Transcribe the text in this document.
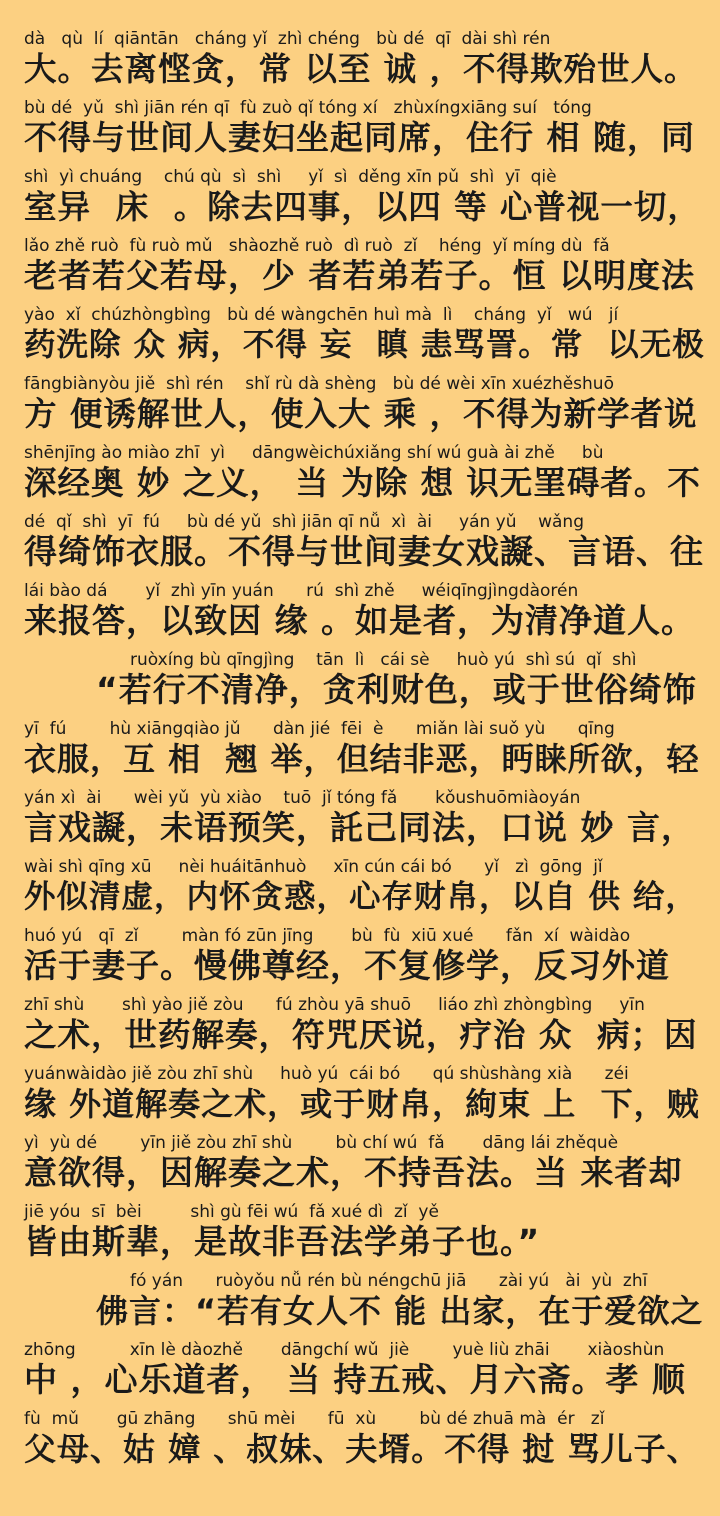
dà   qù  lí  qiāntān   cháng yǐ  zhì chéng   bù dé  qī  dài shì rén
大。去离悭贪，常 以至 诚 ，不得欺殆世人。
bù dé  yǔ  shì jiān rén qī  fù zuò qǐ tóng xí   zhùxíngxiāng suí   tóng
不得与世间人妻妇坐起同席，住行 相 随，同
shì  yì chuáng    chú qù  sì  shì     yǐ  sì  děng xīn pǔ  shì  yī  qiè
室异  床  。除去四事，以四 等 心普视一切，
lǎo zhě ruò  fù ruò mǔ   shàozhě ruò  dì ruò  zǐ    héng  yǐ míng dù  fǎ
老者若父若母，少 者若弟若子。恒 以明度法
yào  xǐ  chúzhòngbìng   bù dé wàngchēn huì mà  lì    cháng  yǐ   wú   jí
药洗除 众 病，不得 妄  瞋 恚骂詈。常  以无极
fāngbiànyòu jiě  shì rén    shǐ rù dà shèng   bù dé wèi xīn xuézhěshuō
方 便诱解世人，使入大 乘 ，不得为新学者说
shēnjīng ào miào zhī  yì     dāngwèichúxiǎng shí wú guà ài zhě     bù
深经奥 妙 之义， 当 为除 想 识无罣碍者。不
dé  qǐ  shì  yī  fú     bù dé yǔ  shì jiān qī nǚ  xì  ài     yán yǔ    wǎng
得绮饰衣服。不得与世间妻女戏譺、言语、往
lái bào dá       yǐ  zhì yīn yuán      rú  shì zhě     wéiqīngjìngdàorén
来报答，以致因 缘 。如是者，为清净道人。
ruòxíng bù qīngjìng    tān  lì   cái sè     huò yú  shì sú  qǐ  shì
“若行不清净，贪利财色，或于世俗绮饰
yī  fú        hù xiāngqiào jǔ      dàn jié  fēi  è      miǎn lài suǒ yù      qīng
衣服，互 相  翘 举，但结非恶，眄睐所欲，轻
yán xì  ài      wèi yǔ  yù xiào    tuō  jǐ tóng fǎ       kǒushuōmiàoyán
言戏譺，未语预笑，託己同法，口说 妙 言，
wài shì qīng xū     nèi huáitānhuò     xīn cún cái bó      yǐ   zì  gōng  jǐ
外似清虚，内怀贪惑，心存财帛，以自 供 给，
huó yú   qī  zǐ        màn fó zūn jīng       bù  fù  xiū xué      fǎn  xí  wàidào
活于妻子。慢佛尊经，不复修学，反习外道
zhī shù       shì yào jiě zòu      fú zhòu yā shuō     liáo zhì zhòngbìng     yīn
之术，世药解奏，符咒厌说，疗治 众  病；因
yuánwàidào jiě zòu zhī shù     huò yú  cái bó      qú shùshàng xià      zéi
缘 外道解奏之术，或于财帛，絇束 上  下，贼
yì  yù dé        yīn jiě zòu zhī shù        bù chí wú  fǎ       dāng lái zhěquè
意欲得，因解奏之术，不持吾法。当 来者却
jiē yóu  sī  bèi         shì gù fēi wú  fǎ xué dì  zǐ  yě
皆由斯辈，是故非吾法学弟子也。”
fó yán      ruòyǒu nǚ rén bù néngchū jiā      zài yú   ài  yù  zhī
佛言：“若有女人不 能 出家，在于爱欲之
zhōng          xīn lè dàozhě       dāngchí wǔ  jiè        yuè liù zhāi       xiàoshùn
中 ，心乐道者， 当 持五戒、月六斋。孝 顺
fù  mǔ       gū zhāng      shū mèi      fū  xù        bù dé zhuā mà  ér   zǐ
父母、姑 嫜 、叔妹、夫壻。不得 挝 骂儿子、
